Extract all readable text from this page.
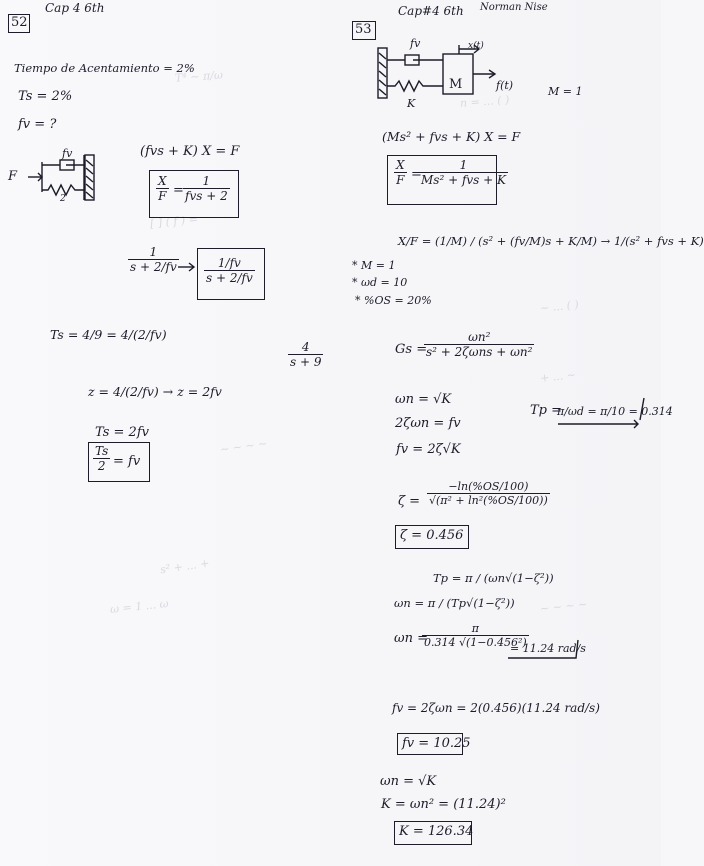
T⁴ ~ π/ω
[ ] ( f ) =
~ ~ ~ ~
s² + ... +
ω = 1 ... ω
n = ... ( )
~ ... ( )
+ ... ~
~ ~ ~ ~
Cap 4 6th	Cap#4 6th Norman Nise
52
Tiempo de Acentamiento = 2%
Ts = 2%
fv = ?
F
fv
2
(fvs + K) X = F
$\frac{X}{F}$ =
1
fvs + 2
$\frac{1}{s + 2/fv} \frac{1/fv}{s + 2/fv}$
Ts = 4/9 = 4/(2/fv)
$\frac{4}{s + 9}$
z = 4/(2/fv) → z = 2fv
Ts = 2fv
$\frac{Ts}{2}$ = fv
53
fv	x(t)
M	f(t)
K
M = 1
(Ms² + fvs + K) X = F
$\frac{X}{F}$ =
1
Ms² + fvs + K
X/F = (1/M) / (s² + (fv/M)s + K/M) → 1/(s² + fvs + K)
* M = 1
* ωd = 10
* %OS = 20%
Gs =
ωn²
s² + 2ζωns + ωn²
ωn = √K
2ζωn = fv
fv = 2ζ√K
Tp =
π/ωd = π/10 = 0.314
$\zeta = \frac{-\ln(\%OS/100)}{\text{√(π² + ln²(\%OS/100))}}$
ζ = 0.456
Tp = π / (ωn√(1−ζ²))
ωn = π / (Tp√(1−ζ²))
ωn =
$\frac{\pi}{\text{0.314 √(1−0.456²)}}$
= 11.24 rad/s
fv = 2ζωn = 2(0.456)(11.24 rad/s)
fv = 10.25
ωn = √K
K = ωn² = (11.24)²
K = 126.34
